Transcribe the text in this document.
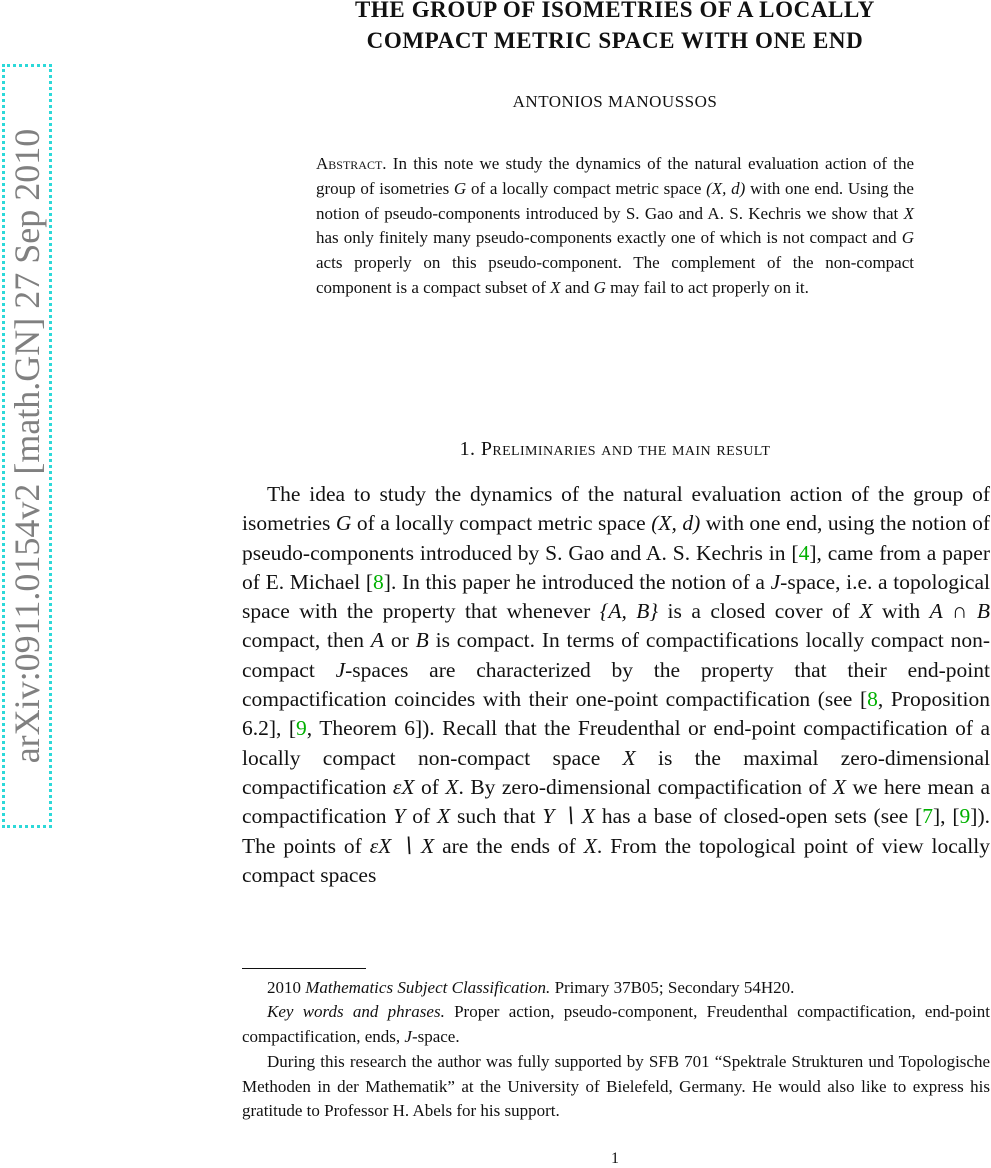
arXiv:0911.0154v2 [math.GN] 27 Sep 2010
THE GROUP OF ISOMETRIES OF A LOCALLY
COMPACT METRIC SPACE WITH ONE END
ANTONIOS MANOUSSOS
Abstract. In this note we study the dynamics of the natural evaluation action of the group of isometries G of a locally compact metric space (X, d) with one end. Using the notion of pseudo-components introduced by S. Gao and A. S. Kechris we show that X has only finitely many pseudo-components exactly one of which is not compact and G acts properly on this pseudo-component. The complement of the non-compact component is a compact subset of X and G may fail to act properly on it.
1. Preliminaries and the main result
The idea to study the dynamics of the natural evaluation action of the group of isometries G of a locally compact metric space (X, d) with one end, using the notion of pseudo-components introduced by S. Gao and A. S. Kechris in [4], came from a paper of E. Michael [8]. In this paper he introduced the notion of a J-space, i.e. a topological space with the property that whenever {A, B} is a closed cover of X with A ∩ B compact, then A or B is compact. In terms of compactifications locally compact non-compact J-spaces are characterized by the property that their end-point compactification coincides with their one-point compactification (see [8, Proposition 6.2], [9, Theorem 6]). Recall that the Freudenthal or end-point compactification of a locally compact non-compact space X is the maximal zero-dimensional compactification εX of X. By zero-dimensional compactification of X we here mean a compactification Y of X such that Y ∖ X has a base of closed-open sets (see [7], [9]). The points of εX ∖ X are the ends of X. From the topological point of view locally compact spaces
2010 Mathematics Subject Classification. Primary 37B05; Secondary 54H20.
Key words and phrases. Proper action, pseudo-component, Freudenthal compactification, end-point compactification, ends, J-space.
During this research the author was fully supported by SFB 701 “Spektrale Strukturen und Topologische Methoden in der Mathematik” at the University of Bielefeld, Germany. He would also like to express his gratitude to Professor H. Abels for his support.
1
